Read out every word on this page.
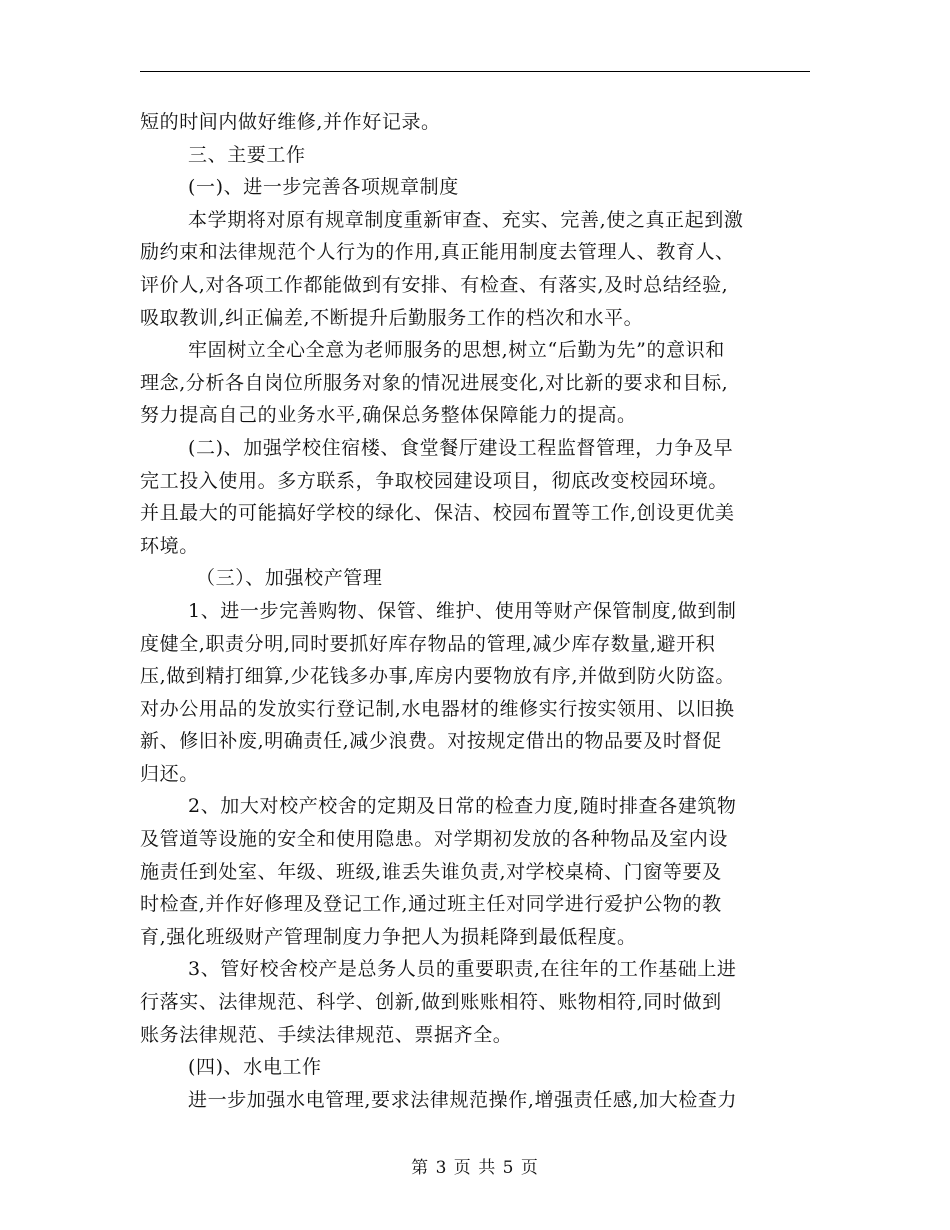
短的时间内做好维修,并作好记录。
三、主要工作
(一)、进一步完善各项规章制度
本学期将对原有规章制度重新审查、充实、完善,使之真正起到激
励约束和法律规范个人行为的作用,真正能用制度去管理人、教育人、
评价人,对各项工作都能做到有安排、有检查、有落实,及时总结经验,
吸取教训,纠正偏差,不断提升后勤服务工作的档次和水平。
牢固树立全心全意为老师服务的思想,树立“后勤为先”的意识和
理念,分析各自岗位所服务对象的情况进展变化,对比新的要求和目标,
努力提高自己的业务水平,确保总务整体保障能力的提高。
(二)、加强学校住宿楼、食堂餐厅建设工程监督管理，力争及早
完工投入使用。多方联系，争取校园建设项目，彻底改变校园环境。
并且最大的可能搞好学校的绿化、保洁、校园布置等工作,创设更优美
环境。
（三）、加强校产管理
1、进一步完善购物、保管、维护、使用等财产保管制度,做到制
度健全,职责分明,同时要抓好库存物品的管理,减少库存数量,避开积
压,做到精打细算,少花钱多办事,库房内要物放有序,并做到防火防盗。
对办公用品的发放实行登记制,水电器材的维修实行按实领用、以旧换
新、修旧补废,明确责任,减少浪费。对按规定借出的物品要及时督促
归还。
2、加大对校产校舍的定期及日常的检查力度,随时排查各建筑物
及管道等设施的安全和使用隐患。对学期初发放的各种物品及室内设
施责任到处室、年级、班级,谁丢失谁负责,对学校桌椅、门窗等要及
时检查,并作好修理及登记工作,通过班主任对同学进行爱护公物的教
育,强化班级财产管理制度力争把人为损耗降到最低程度。
3、管好校舍校产是总务人员的重要职责,在往年的工作基础上进
行落实、法律规范、科学、创新,做到账账相符、账物相符,同时做到
账务法律规范、手续法律规范、票据齐全。
(四)、水电工作
进一步加强水电管理,要求法律规范操作,增强责任感,加大检查力
第 3 页 共 5 页
